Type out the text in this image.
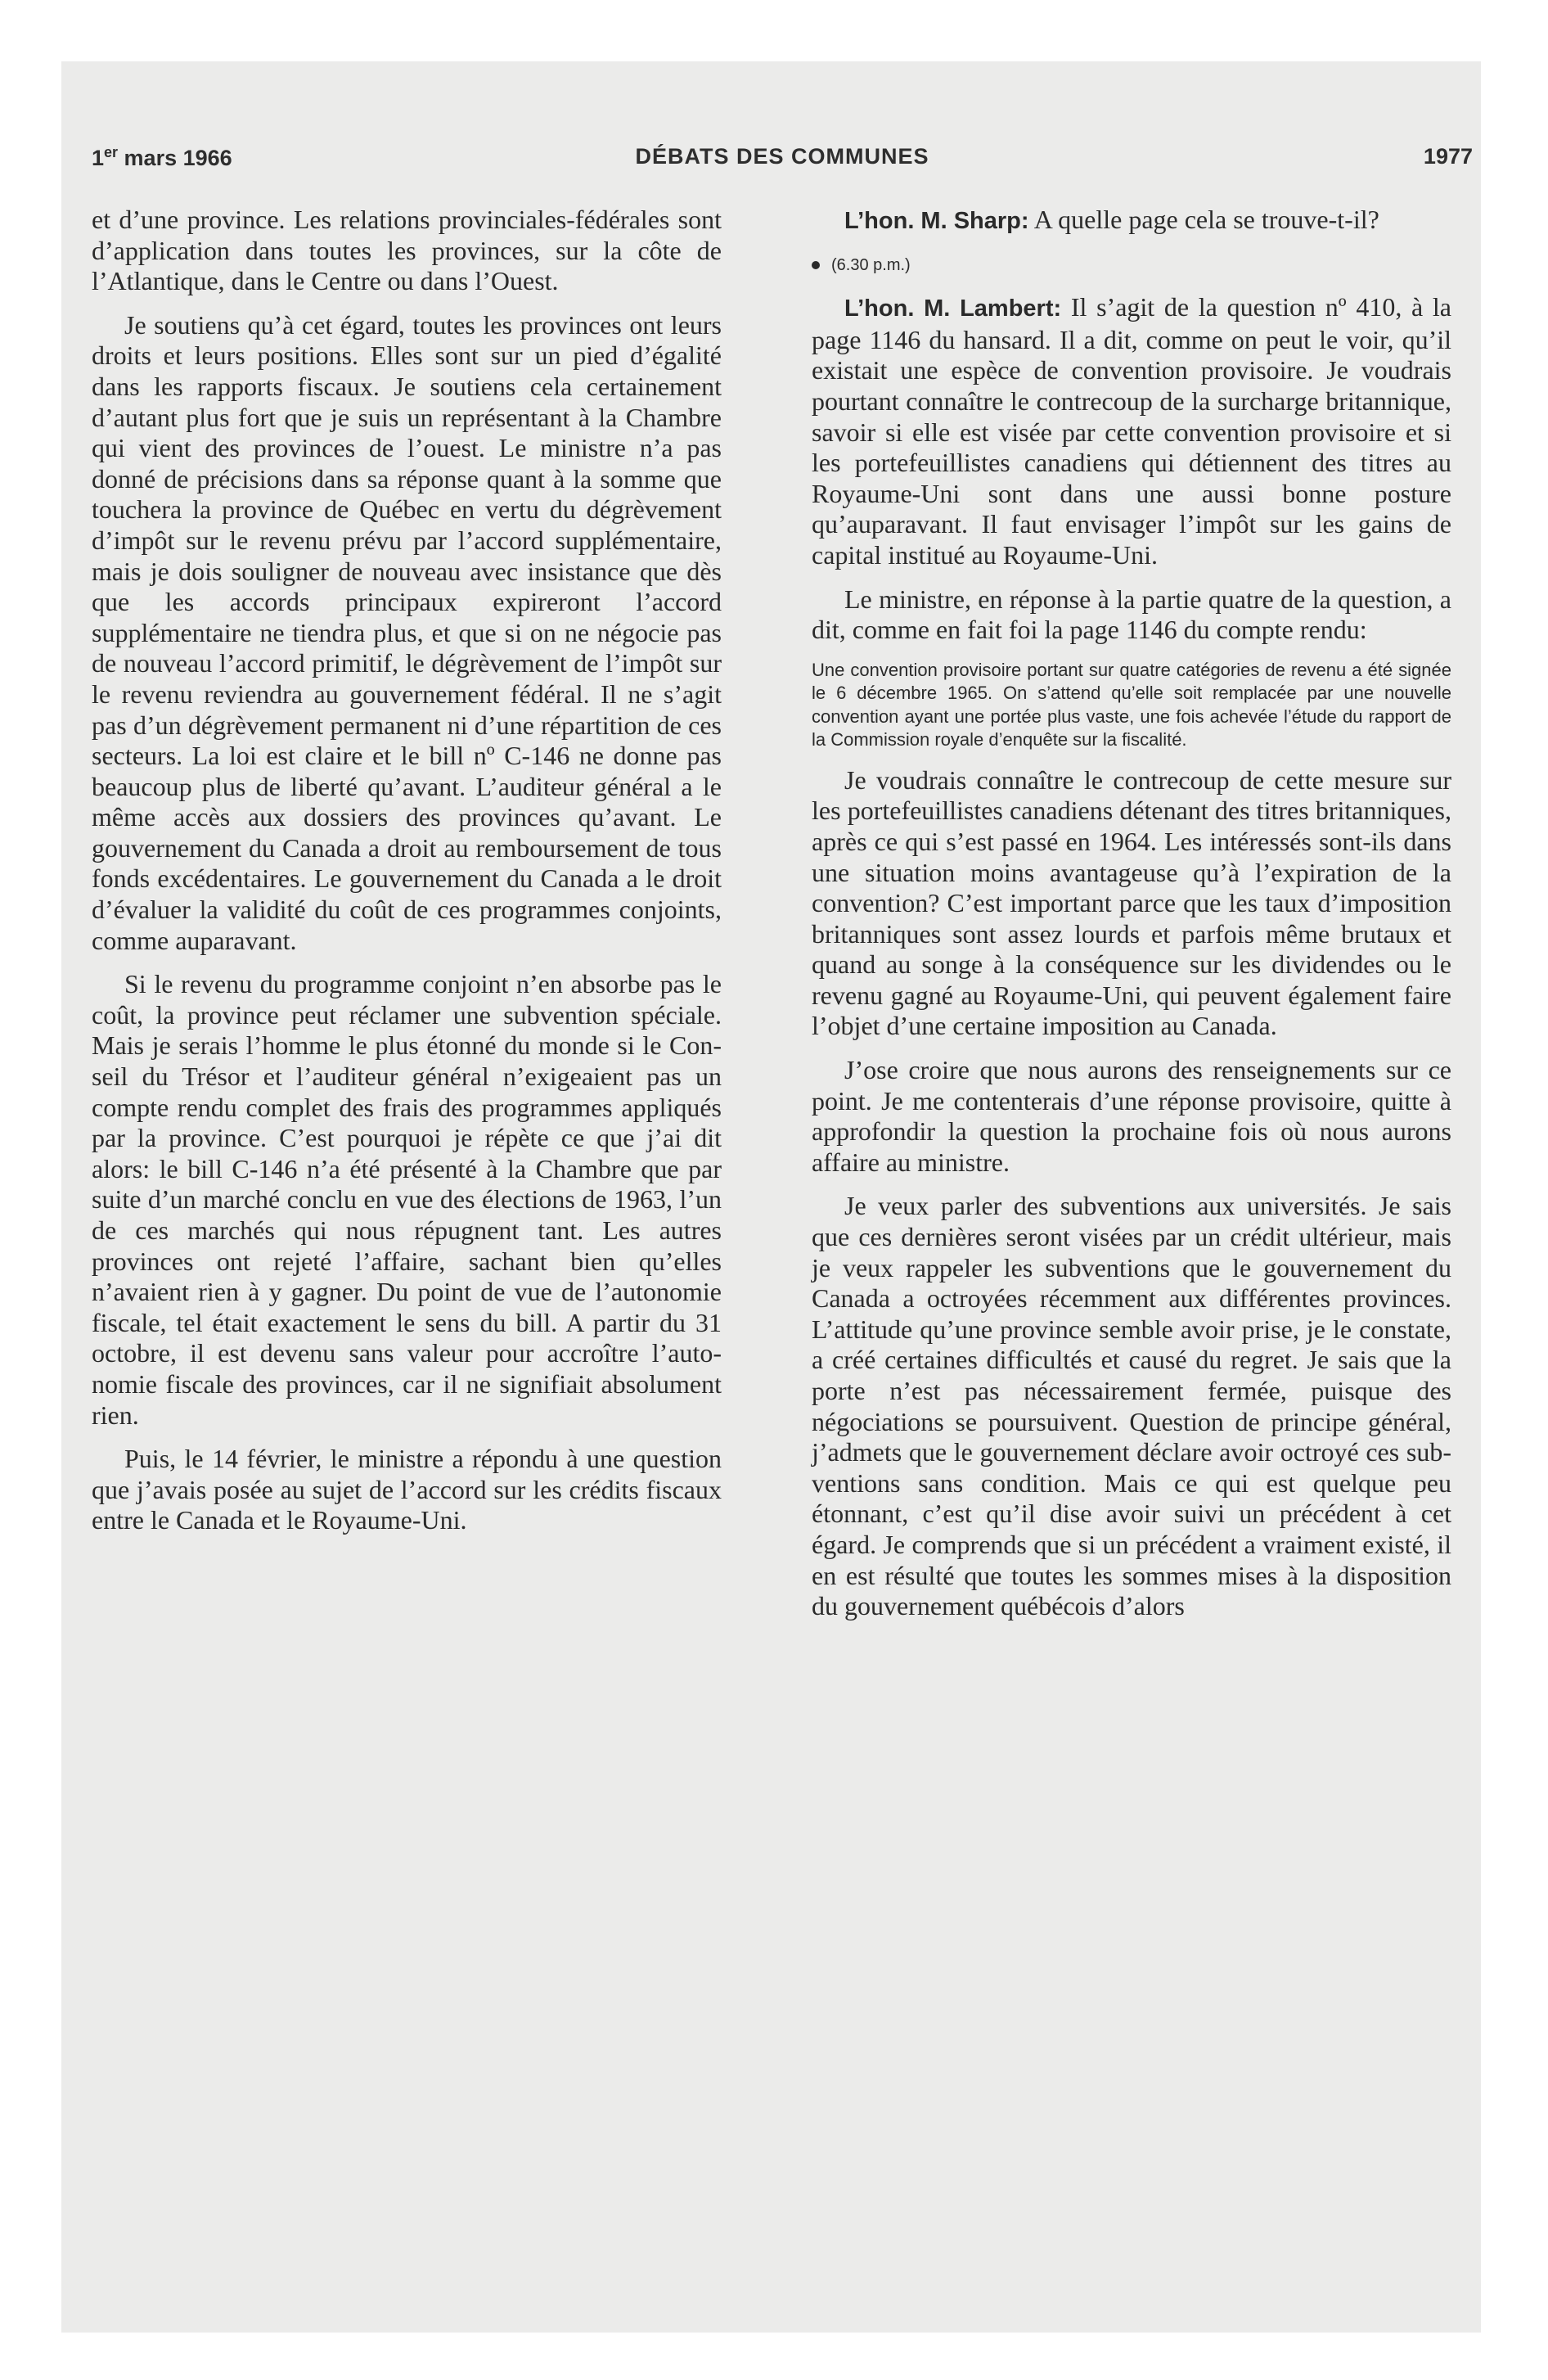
1er mars 1966	DÉBATS DES COMMUNES	1977

et d’une province. Les relations provinciales-fédérales sont d’application dans toutes les provinces, sur la côte de l’Atlantique, dans le Centre ou dans l’Ouest.

Je soutiens qu’à cet égard, toutes les provinces ont leurs droits et leurs positions. Elles sont sur un pied d’égalité dans les rapports fiscaux. Je soutiens cela certainement d’autant plus fort que je suis un représentant à la Chambre qui vient des provinces de l’ouest. Le ministre n’a pas donné de précisions dans sa réponse quant à la somme que touchera la province de Québec en vertu du dégrèvement d’impôt sur le revenu prévu par l’accord supplémentaire, mais je dois souligner de nouveau avec insistance que dès que les accords principaux expireront l’accord supplémentaire ne tiendra plus, et que si on ne négocie pas de nouveau l’accord primitif, le dégrèvement de l’impôt sur le revenu reviendra au gouvernement fédéral. Il ne s’agit pas d’un dégrèvement permanent ni d’une répartition de ces secteurs. La loi est claire et le bill nº C-146 ne donne pas beaucoup plus de liberté qu’avant. L’auditeur général a le même accès aux dossiers des provinces qu’avant. Le gouvernement du Canada a droit au remboursement de tous fonds excédentaires. Le gouvernement du Canada a le droit d’évaluer la validité du coût de ces programmes conjoints, comme auparavant.

Si le revenu du programme conjoint n’en absorbe pas le coût, la province peut réclamer une subvention spéciale. Mais je serais l’homme le plus étonné du monde si le Conseil du Trésor et l’auditeur général n’exigeaient pas un compte rendu complet des frais des programmes appliqués par la province. C’est pourquoi je répète ce que j’ai dit alors: le bill C-146 n’a été présenté à la Chambre que par suite d’un marché conclu en vue des élections de 1963, l’un de ces marchés qui nous répugnent tant. Les autres provinces ont rejeté l’affaire, sachant bien qu’elles n’avaient rien à y gagner. Du point de vue de l’autonomie fiscale, tel était exactement le sens du bill. A partir du 31 octobre, il est devenu sans valeur pour accroître l’autonomie fiscale des provinces, car il ne signifiait absolument rien.

Puis, le 14 février, le ministre a répondu à une question que j’avais posée au sujet de l’accord sur les crédits fiscaux entre le Canada et le Royaume-Uni.

L’hon. M. Sharp: A quelle page cela se trouve-t-il?

(6.30 p.m.)

L’hon. M. Lambert: Il s’agit de la question nº 410, à la page 1146 du hansard. Il a dit, comme on peut le voir, qu’il existait une espèce de convention provisoire. Je voudrais pourtant connaître le contrecoup de la surcharge britannique, savoir si elle est visée par cette convention provisoire et si les portefeuillistes canadiens qui détiennent des titres au Royaume-Uni sont dans une aussi bonne posture qu’auparavant. Il faut envisager l’impôt sur les gains de capital institué au Royaume-Uni.

Le ministre, en réponse à la partie quatre de la question, a dit, comme en fait foi la page 1146 du compte rendu:

Une convention provisoire portant sur quatre catégories de revenu a été signée le 6 décembre 1965. On s’attend qu’elle soit remplacée par une nouvelle convention ayant une portée plus vaste, une fois achevée l’étude du rapport de la Commission royale d’enquête sur la fiscalité.

Je voudrais connaître le contrecoup de cette mesure sur les portefeuillistes canadiens détenant des titres britanniques, après ce qui s’est passé en 1964. Les intéressés sont-ils dans une situation moins avantageuse qu’à l’expiration de la convention? C’est important parce que les taux d’imposition britanniques sont assez lourds et parfois même brutaux et quand au songe à la conséquence sur les dividendes ou le revenu gagné au Royaume-Uni, qui peuvent également faire l’objet d’une certaine imposition au Canada.

J’ose croire que nous aurons des renseignements sur ce point. Je me contenterais d’une réponse provisoire, quitte à approfondir la question la prochaine fois où nous aurons affaire au ministre.

Je veux parler des subventions aux universités. Je sais que ces dernières seront visées par un crédit ultérieur, mais je veux rappeler les subventions que le gouvernement du Canada a octroyées récemment aux différentes provinces. L’attitude qu’une province semble avoir prise, je le constate, a créé certaines difficultés et causé du regret. Je sais que la porte n’est pas nécessairement fermée, puisque des négociations se poursuivent. Question de principe général, j’admets que le gouvernement déclare avoir octroyé ces subventions sans condition. Mais ce qui est quelque peu étonnant, c’est qu’il dise avoir suivi un précédent à cet égard. Je comprends que si un précédent a vraiment existé, il en est résulté que toutes les sommes mises à la disposition du gouvernement québécois d’alors
